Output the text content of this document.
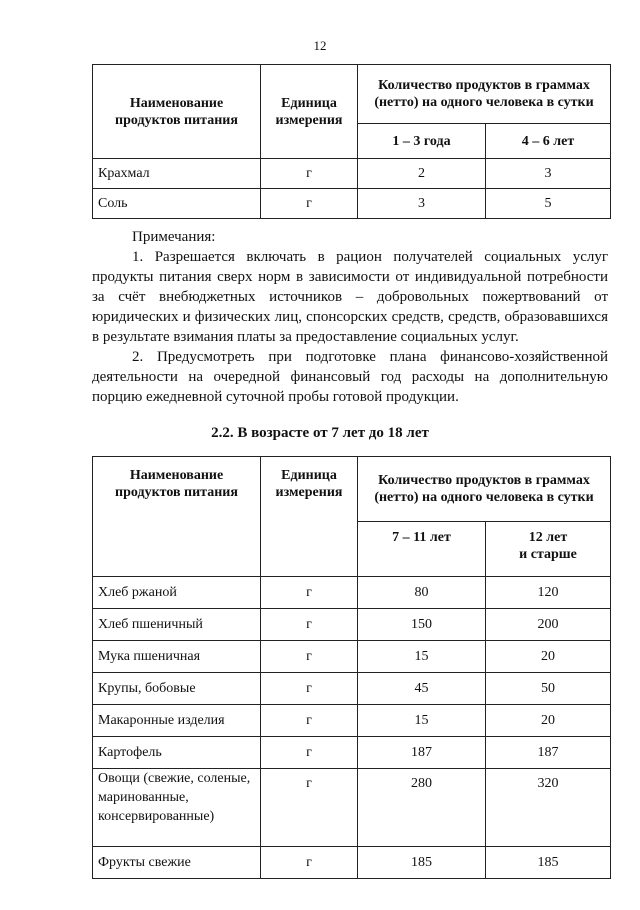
12
Наименование продуктов питания	Единица измерения	Количество продуктов в граммах (нетто) на одного человека в сутки	
		1 – 3 года	4 – 6 лет
Крахмал	г	2	3
Соль	г	3	5

Примечания:

1. Разрешается включать в рацион получателей социальных услуг продукты питания сверх норм в зависимости от индивидуальной потребности за счёт внебюджетных источников – добровольных пожертвований от юридических и физических лиц, спонсорских средств, средств, образовавшихся в результате взимания платы за предоставление социальных услуг.

2. Предусмотреть при подготовке плана финансово-хозяйственной деятельности на очередной финансовый год расходы на дополнительную порцию ежедневной суточной пробы готовой продукции.

2.2. В возрасте от 7 лет до 18 лет
Наименование продуктов питания	Единица измерения	Количество продуктов в граммах (нетто) на одного человека в сутки	
		7 – 11 лет	12 лет
и старше
Хлеб ржаной	г	80	120
Хлеб пшеничный	г	150	200
Мука пшеничная	г	15	20
Крупы, бобовые	г	45	50
Макаронные изделия	г	15	20
Картофель	г	187	187
Овощи (свежие, соленые, маринованные, консервированные)	г	280	320
Фрукты свежие	г	185	185
